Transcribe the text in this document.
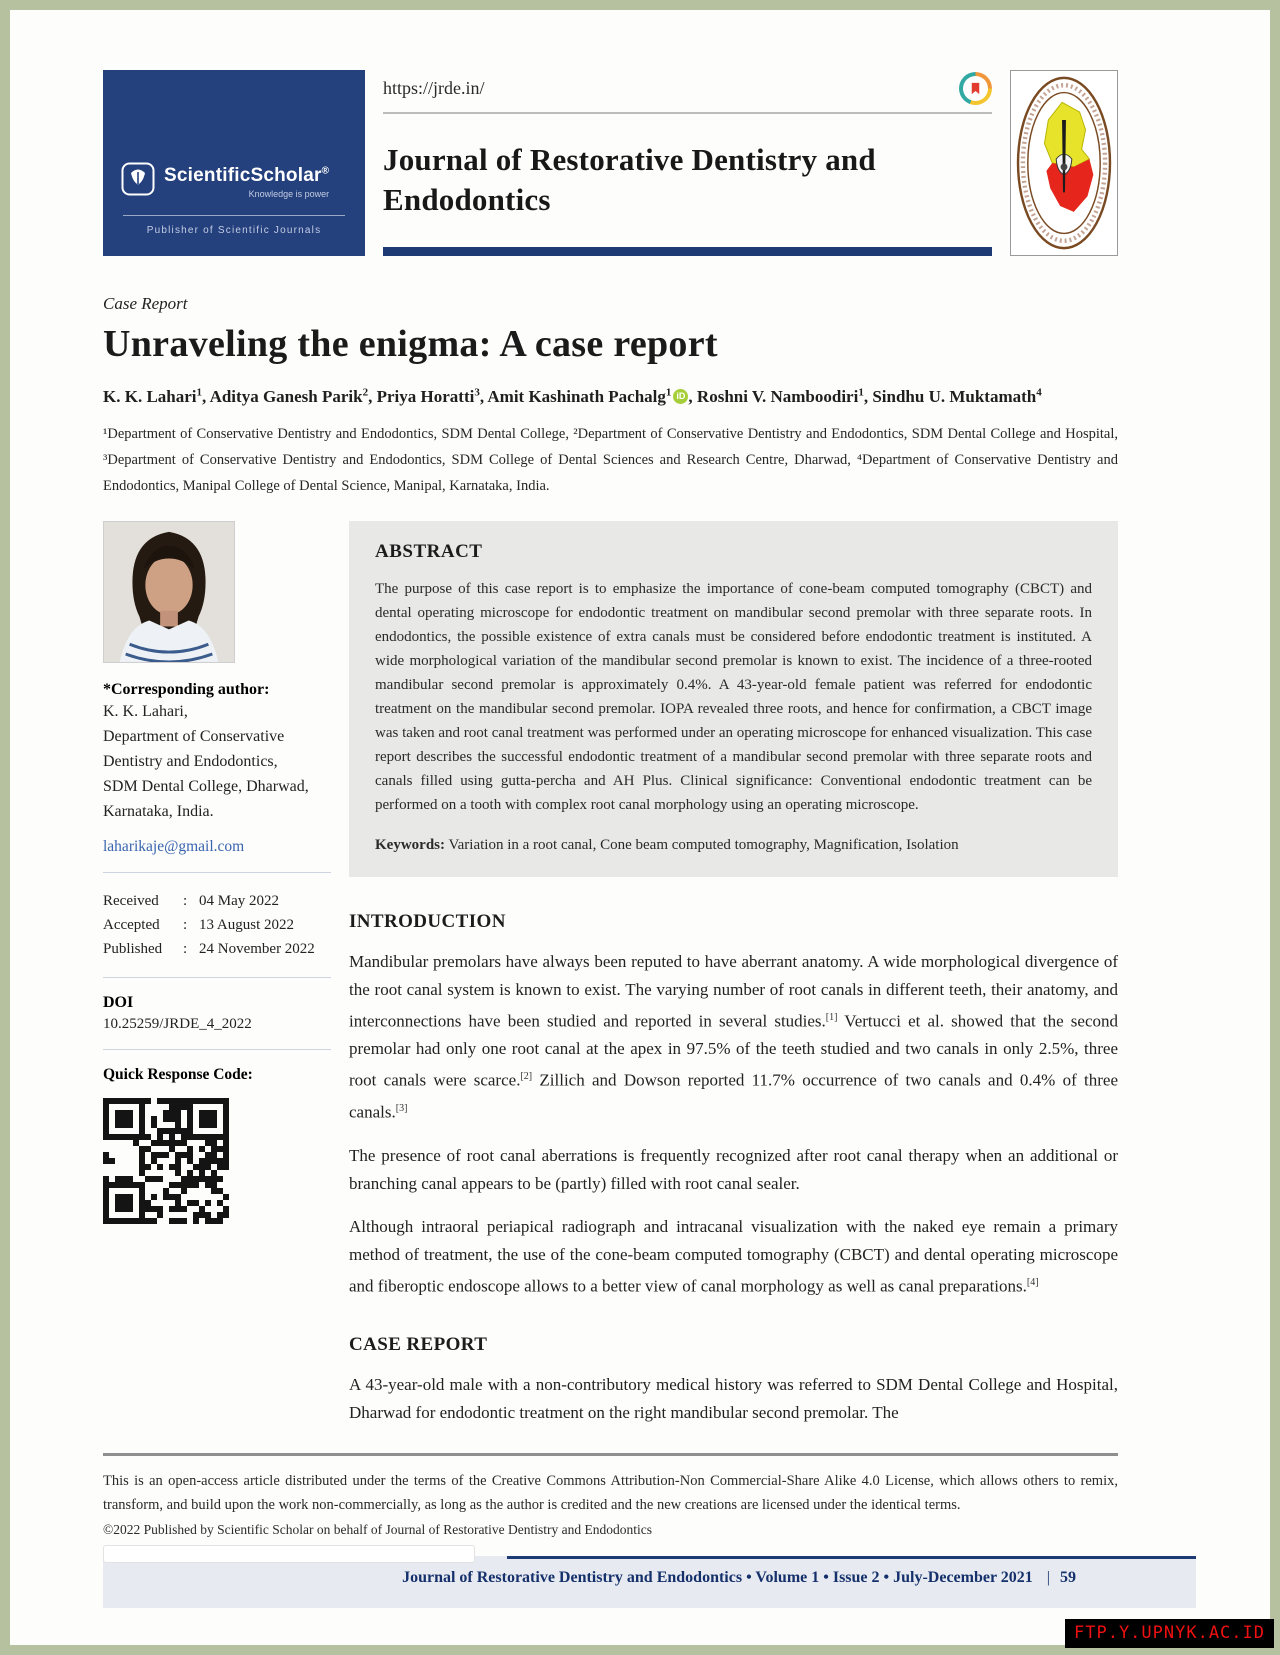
ScientificScholar®
Knowledge is power
Publisher of Scientific Journals
https://jrde.in/
Journal of Restorative Dentistry and Endodontics
Case Report
Unraveling the enigma: A case report
K. K. Lahari$^1$, Aditya Ganesh Parik$^2$, Priya Horatti$^3$, Amit Kashinath Pachalg$^1$ iD , Roshni V. Namboodiri$^1$, Sindhu U. Muktamath$^4$
¹Department of Conservative Dentistry and Endodontics, SDM Dental College, ²Department of Conservative Dentistry and Endodontics, SDM Dental College and Hospital, ³Department of Conservative Dentistry and Endodontics, SDM College of Dental Sciences and Research Centre, Dharwad, ⁴Department of Conservative Dentistry and Endodontics, Manipal College of Dental Science, Manipal, Karnataka, India.

*Corresponding author:

K. K. Lahari,
Department of Conservative
Dentistry and Endodontics,
SDM Dental College, Dharwad,
Karnataka, India.
laharikaje@gmail.com
Received	: 04 May 2022
Accepted	: 13 August 2022
Published	: 24 November 2022
DOI
10.25259/JRDE_4_2022
Quick Response Code:
ABSTRACT

The purpose of this case report is to emphasize the importance of cone-beam computed tomography (CBCT) and dental operating microscope for endodontic treatment on mandibular second premolar with three separate roots. In endodontics, the possible existence of extra canals must be considered before endodontic treatment is instituted. A wide morphological variation of the mandibular second premolar is known to exist. The incidence of a three-rooted mandibular second premolar is approximately 0.4%. A 43-year-old female patient was referred for endodontic treatment on the mandibular second premolar. IOPA revealed three roots, and hence for confirmation, a CBCT image was taken and root canal treatment was performed under an operating microscope for enhanced visualization. This case report describes the successful endodontic treatment of a mandibular second premolar with three separate roots and canals filled using gutta-percha and AH Plus. Clinical significance: Conventional endodontic treatment can be performed on a tooth with complex root canal morphology using an operating microscope.

Keywords: Variation in a root canal, Cone beam computed tomography, Magnification, Isolation

INTRODUCTION

Mandibular premolars have always been reputed to have aberrant anatomy. A wide morphological divergence of the root canal system is known to exist. The varying number of root canals in different teeth, their anatomy, and interconnections have been studied and reported in several studies.[1] Vertucci et al. showed that the second premolar had only one root canal at the apex in 97.5% of the teeth studied and two canals in only 2.5%, three root canals were scarce.[2] Zillich and Dowson reported 11.7% occurrence of two canals and 0.4% of three canals.[3]

The presence of root canal aberrations is frequently recognized after root canal therapy when an additional or branching canal appears to be (partly) filled with root canal sealer.

Although intraoral periapical radiograph and intracanal visualization with the naked eye remain a primary method of treatment, the use of the cone-beam computed tomography (CBCT) and dental operating microscope and fiberoptic endoscope allows to a better view of canal morphology as well as canal preparations.[4]

CASE REPORT

A 43-year-old male with a non-contributory medical history was referred to SDM Dental College and Hospital, Dharwad for endodontic treatment on the right mandibular second premolar. The

This is an open-access article distributed under the terms of the Creative Commons Attribution-Non Commercial-Share Alike 4.0 License, which allows others to remix, transform, and build upon the work non-commercially, as long as the author is credited and the new creations are licensed under the identical terms.

©2022 Published by Scientific Scholar on behalf of Journal of Restorative Dentistry and Endodontics

Journal of Restorative Dentistry and Endodontics • Volume 1 • Issue 2 • July-December 2021 | 59
FTP.Y.UPNYK.AC.ID
